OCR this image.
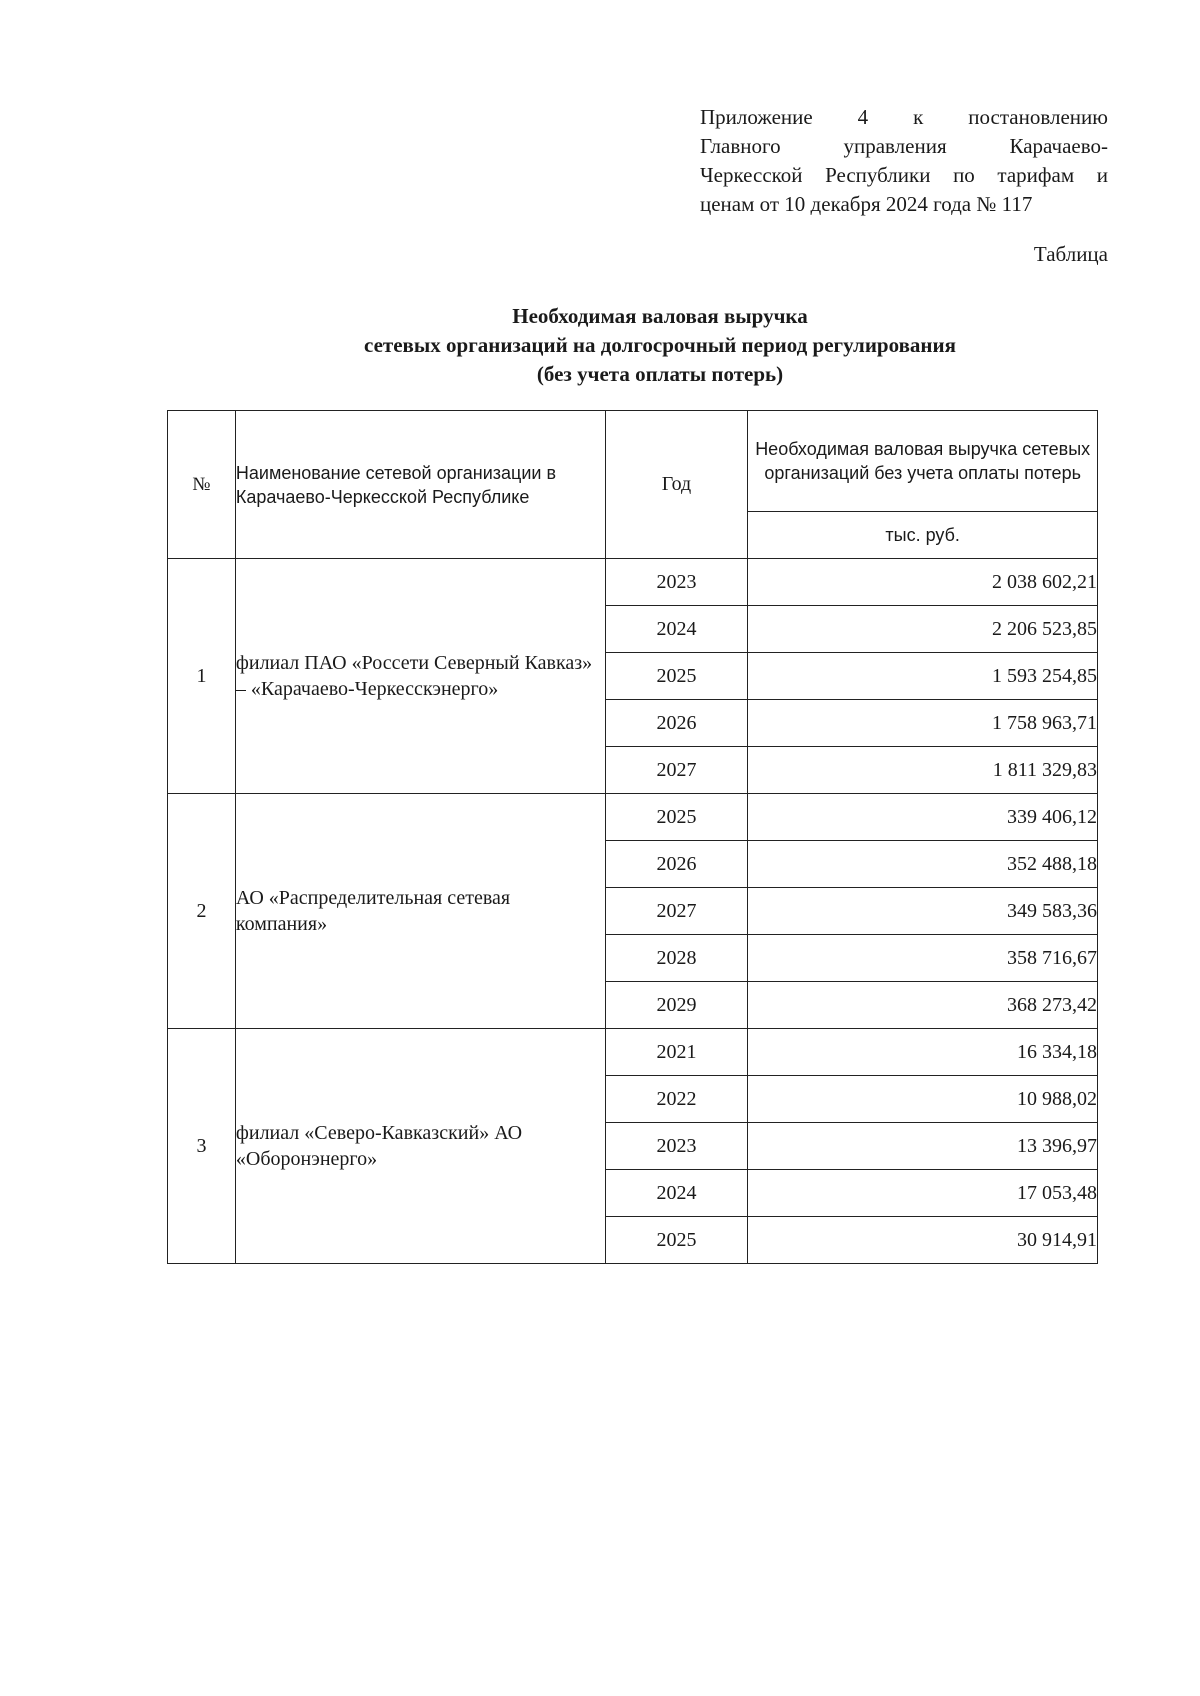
Приложение 4 к постановлению
Главного	управления	Карачаево-
Черкесской Республики по тарифам и
ценам от 10 декабря 2024 года № 117
Таблица
Необходимая валовая выручка
сетевых организаций на долгосрочный период регулирования
(без учета оплаты потерь)
№	Наименование сетевой организации в Карачаево-Черкесской Республике	Год	Необходимая валовая выручка сетевых организаций без учета оплаты потерь
			тыс. руб.
1	филиал ПАО «Россети Северный Кавказ» – «Карачаево-Черкесскэнерго»	2023	2 038 602,21
		2024	2 206 523,85
		2025	1 593 254,85
		2026	1 758 963,71
		2027	1 811 329,83
2	АО «Распределительная сетевая компания»	2025	339 406,12
		2026	352 488,18
		2027	349 583,36
		2028	358 716,67
		2029	368 273,42
3	филиал «Северо-Кавказский» АО «Оборонэнерго»	2021	16 334,18
		2022	10 988,02
		2023	13 396,97
		2024	17 053,48
		2025	30 914,91
